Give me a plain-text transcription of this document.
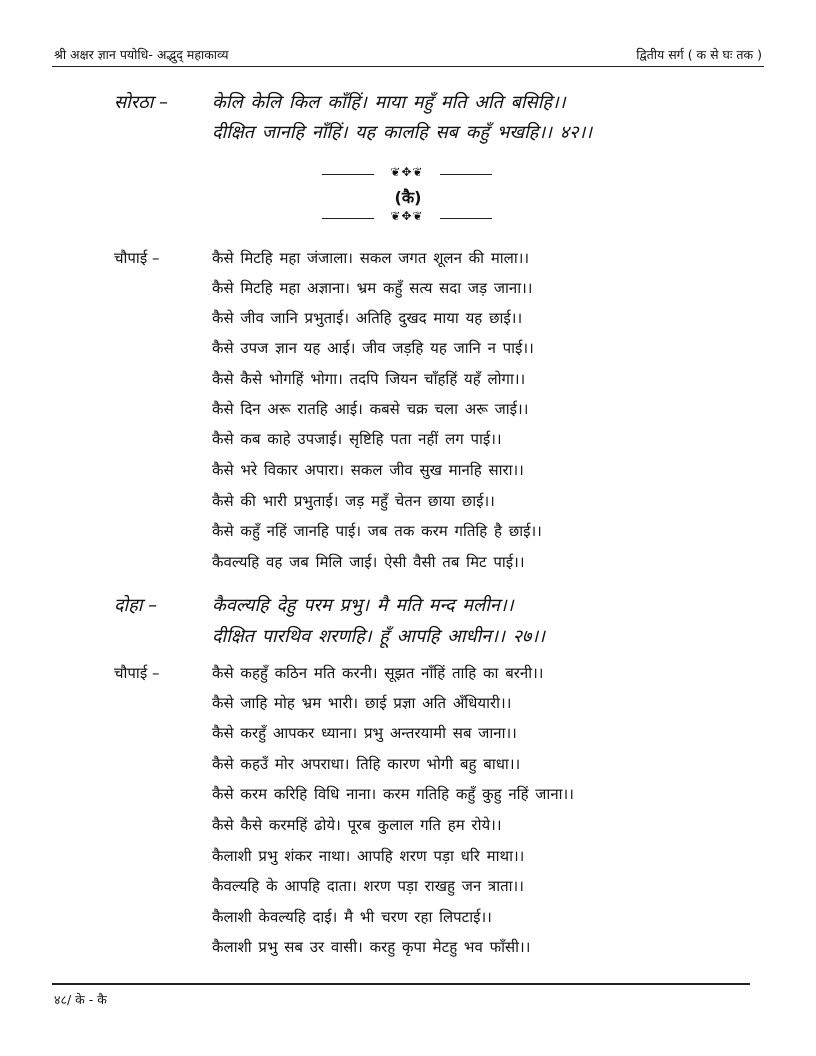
श्री अक्षर ज्ञान पयोधि- अद्भुद् महाकाव्य	द्वितीय सर्ग ( क से घः तक )
सोरठा – केलि केलि किल काँहिं। माया महुँ मति अति बसिहि।।
दीक्षित जानहि नाँहिं। यह कालहि सब कहुँ भखहि।। ४२।।
❦✥❦
(कै)
❦✥❦
चौपाई –	कैसे मिटहि महा जंजाला। सकल जगत शूलन की माला।।
कैसे मिटहि महा अज्ञाना। भ्रम कहुँ सत्य सदा जड़ जाना।।
कैसे जीव जानि प्रभुताई। अतिहि दुखद माया यह छाई।।
कैसे उपज ज्ञान यह आई। जीव जड़हि यह जानि न पाई।।
कैसे कैसे भोगहिं भोगा। तदपि जियन चाँहहिं यहँ लोगा।।
कैसे दिन अरू रातहि आई। कबसे चक्र चला अरू जाई।।
कैसे कब काहे उपजाई। सृष्टिहि पता नहीं लग पाई।।
कैसे भरे विकार अपारा। सकल जीव सुख मानहि सारा।।
कैसे की भारी प्रभुताई। जड़ महुँ चेतन छाया छाई।।
कैसे कहुँ नहिं जानहि पाई। जब तक करम गतिहि है छाई।।
कैवल्यहि वह जब मिलि जाई। ऐसी वैसी तब मिट पाई।।
दोहा –	कैवल्यहि देहु परम प्रभु। मै मति मन्द मलीन।।
दीक्षित पारथिव शरणहि। हूँ आपहि आधीन।। २७।।
चौपाई –	कैसे कहहुँ कठिन मति करनी। सूझत नाँहिं ताहि का बरनी।।
कैसे जाहि मोह भ्रम भारी। छाई प्रज्ञा अति अँधियारी।।
कैसे करहुँ आपकर ध्याना। प्रभु अन्तरयामी सब जाना।।
कैसे कहउँ मोर अपराधा। तिहि कारण भोगी बहु बाधा।।
कैसे करम करिहि विधि नाना। करम गतिहि कहुँ कुहु नहिं जाना।।
कैसे कैसे करमहिं ढोये। पूरब कुलाल गति हम रोये।।
कैलाशी प्रभु शंकर नाथा। आपहि शरण पड़ा धरि माथा।।
कैवल्यहि के आपहि दाता। शरण पड़ा राखहु जन त्राता।।
कैलाशी केवल्यहि दाई। मै भी चरण रहा लिपटाई।।
कैलाशी प्रभु सब उर वासी। करहु कृपा मेटहु भव फाँसी।।
४८/ के - कै
